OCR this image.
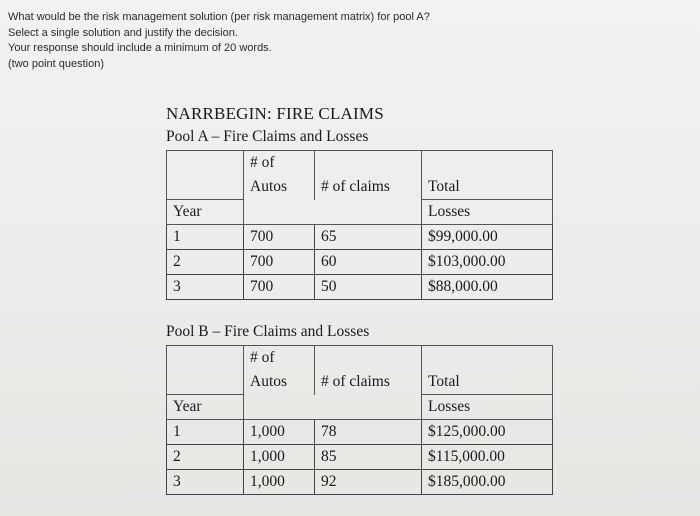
What would be the risk management solution (per risk management matrix) for pool A?
Select a single solution and justify the decision.
Your response should include a minimum of 20 words.
(two point question)
NARRBEGIN: FIRE CLAIMS
Pool A – Fire Claims and Losses
	# of		
	Autos	# of claims	Total
Year			Losses
1	700	65	$99,000.00
2	700	60	$103,000.00
3	700	50	$88,000.00
Pool B – Fire Claims and Losses
	# of		
	Autos	# of claims	Total
Year			Losses
1	1,000	78	$125,000.00
2	1,000	85	$115,000.00
3	1,000	92	$185,000.00
